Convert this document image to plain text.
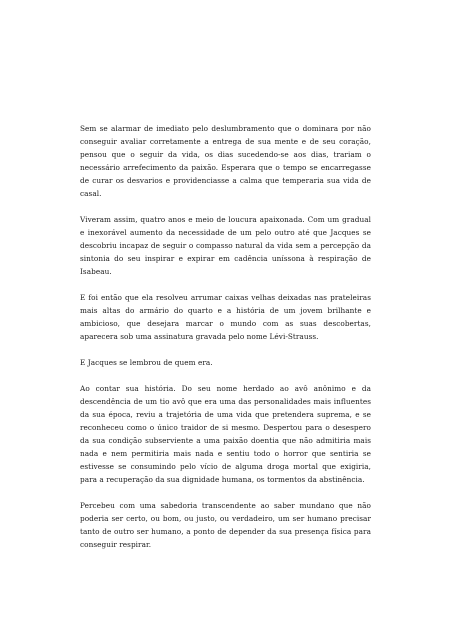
Sem se alarmar de imediato pelo deslumbramento que o dominara por não conseguir avaliar corretamente a entrega de sua mente e de seu coração, pensou que o seguir da vida, os dias sucedendo-se aos dias, trariam o necessário arrefecimento da paixão. Esperara que o tempo se encarregasse de curar os desvarios e providenciasse a calma que temperaria sua vida de casal.

Viveram assim, quatro anos e meio de loucura apaixonada. Com um gradual e inexorável aumento da necessidade de um pelo outro até que Jacques se descobriu incapaz de seguir o compasso natural da vida sem a percepção da sintonia do seu inspirar e expirar em cadência uníssona à respiração de Isabeau.

E foi então que ela resolveu arrumar caixas velhas deixadas nas prateleiras mais altas do armário do quarto e a história de um jovem brilhante e ambicioso, que desejara marcar o mundo com as suas descobertas, aparecera sob uma assinatura gravada pelo nome Lévi-Strauss.

E Jacques se lembrou de quem era.

Ao contar sua história. Do seu nome herdado ao avô anônimo e da descendência de um tio avô que era uma das personalidades mais influentes da sua época, reviu a trajetória de uma vida que pretendera suprema, e se reconheceu como o único traidor de si mesmo. Despertou para o desespero da sua condição subserviente a uma paixão doentia que não admitiria mais nada e nem permitiria mais nada e sentiu todo o horror que sentiria se estivesse se consumindo pelo vício de alguma droga mortal que exigiria, para a recuperação da sua dignidade humana, os tormentos da abstinência.

Percebeu com uma sabedoria transcendente ao saber mundano que não poderia ser certo, ou bom, ou justo, ou verdadeiro, um ser humano precisar tanto de outro ser humano, a ponto de depender da sua presença física para conseguir respirar.
